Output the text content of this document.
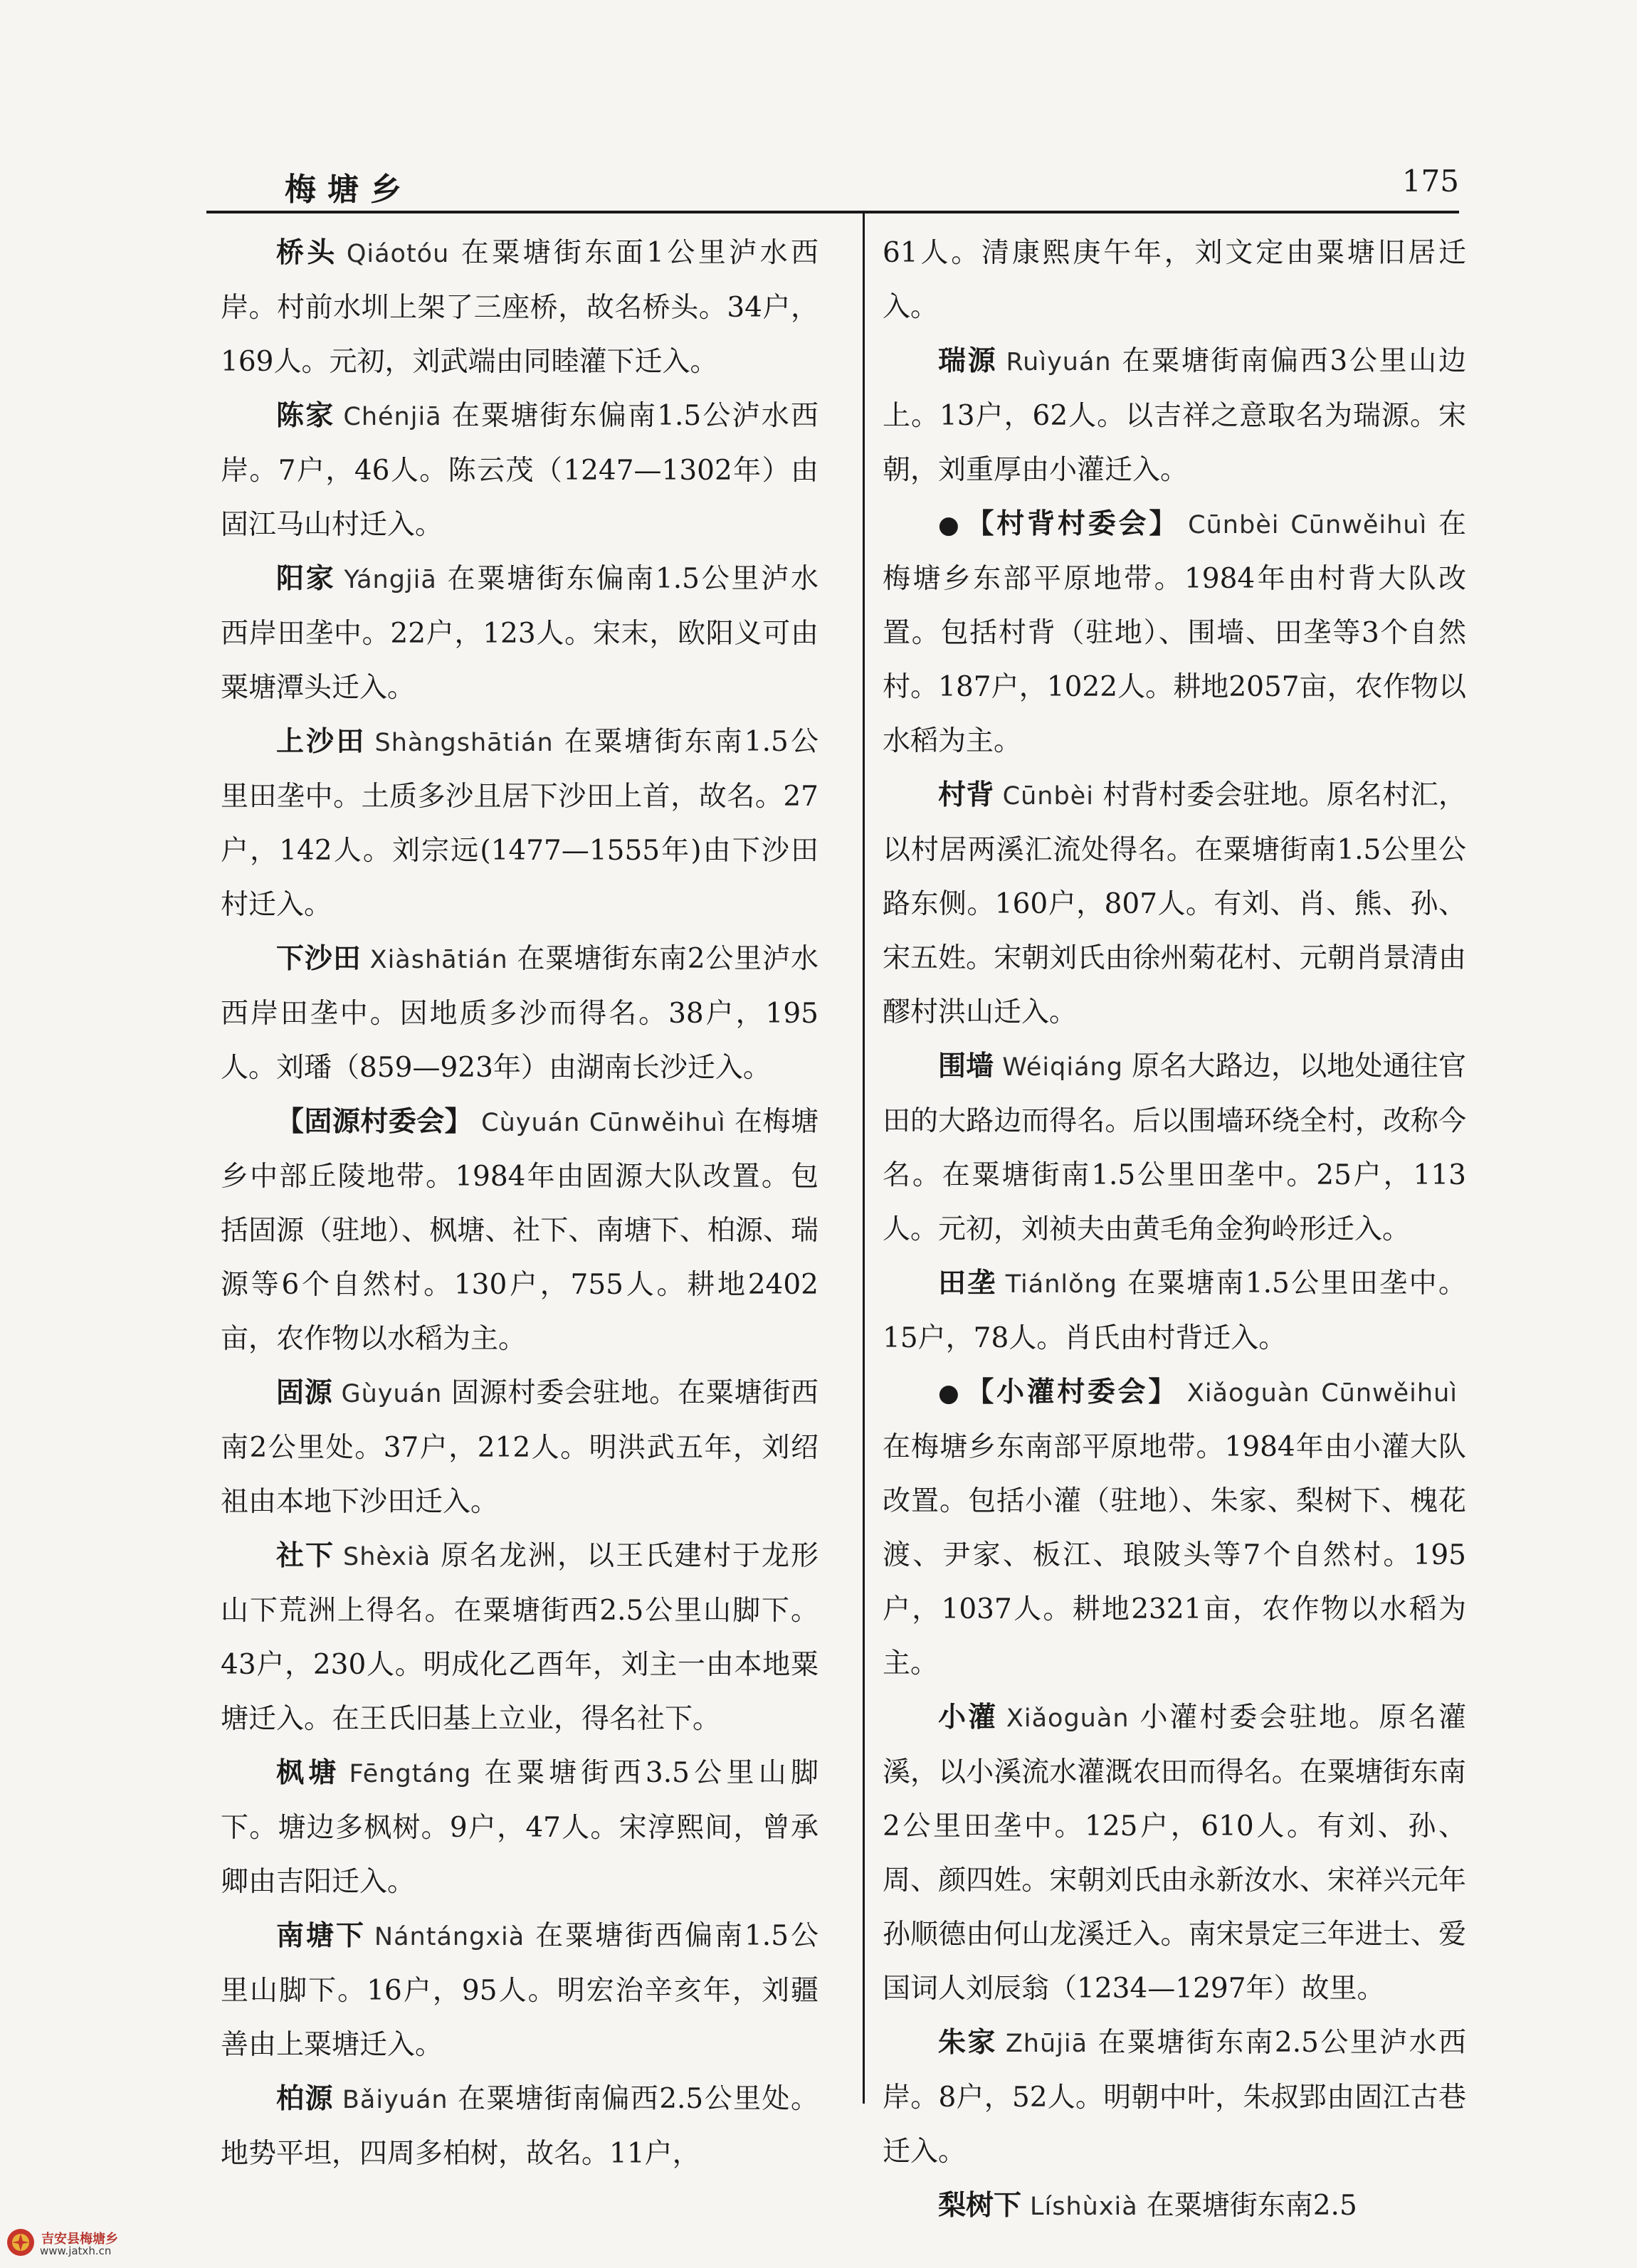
梅塘乡	175

桥头 Qiáotóu 在粟塘街东面1公里泸水西岸。村前水圳上架了三座桥，故名桥头。34户，169人。元初，刘武端由同睦灌下迁入。

陈家 Chénjiā 在粟塘街东偏南1.5公泸水西岸。7户，46人。陈云茂（1247—1302年）由固江马山村迁入。

阳家 Yángjiā 在粟塘街东偏南1.5公里泸水西岸田垄中。22户，123人。宋末，欧阳义可由粟塘潭头迁入。

上沙田 Shàngshātián 在粟塘街东南1.5公里田垄中。土质多沙且居下沙田上首，故名。27户，142人。刘宗远(1477—1555年)由下沙田村迁入。

下沙田 Xiàshātián 在粟塘街东南2公里泸水西岸田垄中。因地质多沙而得名。38户，195人。刘璠（859—923年）由湖南长沙迁入。

【固源村委会】 Cùyuán Cūnwěihuì 在梅塘乡中部丘陵地带。1984年由固源大队改置。包括固源（驻地）、枫塘、社下、南塘下、柏源、瑞源等6个自然村。130户，755人。耕地2402亩，农作物以水稻为主。

固源 Gùyuán 固源村委会驻地。在粟塘街西南2公里处。37户，212人。明洪武五年，刘绍祖由本地下沙田迁入。

社下 Shèxià 原名龙洲，以王氏建村于龙形山下荒洲上得名。在粟塘街西2.5公里山脚下。43户，230人。明成化乙酉年，刘主一由本地粟塘迁入。在王氏旧基上立业，得名社下。

枫塘 Fēngtáng 在粟塘街西3.5公里山脚下。塘边多枫树。9户，47人。宋淳熙间，曾承卿由吉阳迁入。

南塘下 Nántángxià 在粟塘街西偏南1.5公里山脚下。16户，95人。明宏治辛亥年，刘疆善由上粟塘迁入。

柏源 Bǎiyuán 在粟塘街南偏西2.5公里处。地势平坦，四周多柏树，故名。11户，

61人。清康熙庚午年，刘文定由粟塘旧居迁入。

瑞源 Ruìyuán 在粟塘街南偏西3公里山边上。13户，62人。以吉祥之意取名为瑞源。宋朝，刘重厚由小灌迁入。

● 【村背村委会】 Cūnbèi Cūnwěihuì 在梅塘乡东部平原地带。1984年由村背大队改置。包括村背（驻地）、围墙、田垄等3个自然村。187户，1022人。耕地2057亩，农作物以水稻为主。

村背 Cūnbèi 村背村委会驻地。原名村汇，以村居两溪汇流处得名。在粟塘街南1.5公里公路东侧。160户，807人。有刘、肖、熊、孙、宋五姓。宋朝刘氏由徐州菊花村、元朝肖景清由醪村洪山迁入。

围墙 Wéiqiáng 原名大路边，以地处通往官田的大路边而得名。后以围墙环绕全村，改称今名。在粟塘街南1.5公里田垄中。25户，113人。元初，刘祯夫由黄毛角金狗岭形迁入。

田垄 Tiánlǒng 在粟塘南1.5公里田垄中。15户，78人。肖氏由村背迁入。

● 【小灌村委会】 Xiǎoguàn Cūnwěihuì在梅塘乡东南部平原地带。1984年由小灌大队改置。包括小灌（驻地）、朱家、梨树下、槐花渡、尹家、板江、琅陂头等7个自然村。195户，1037人。耕地2321亩，农作物以水稻为主。

小灌 Xiǎoguàn 小灌村委会驻地。原名灌溪，以小溪流水灌溉农田而得名。在粟塘街东南2公里田垄中。125户，610人。有刘、孙、周、颜四姓。宋朝刘氏由永新汝水、宋祥兴元年孙顺德由何山龙溪迁入。南宋景定三年进士、爱国词人刘辰翁（1234—1297年）故里。

朱家 Zhūjiā 在粟塘街东南2.5公里泸水西岸。8户，52人。明朝中叶，朱叔郢由固江古巷迁入。

梨树下 Líshùxià 在粟塘街东南2.5

吉安县梅塘乡
www.jatxh.cn
